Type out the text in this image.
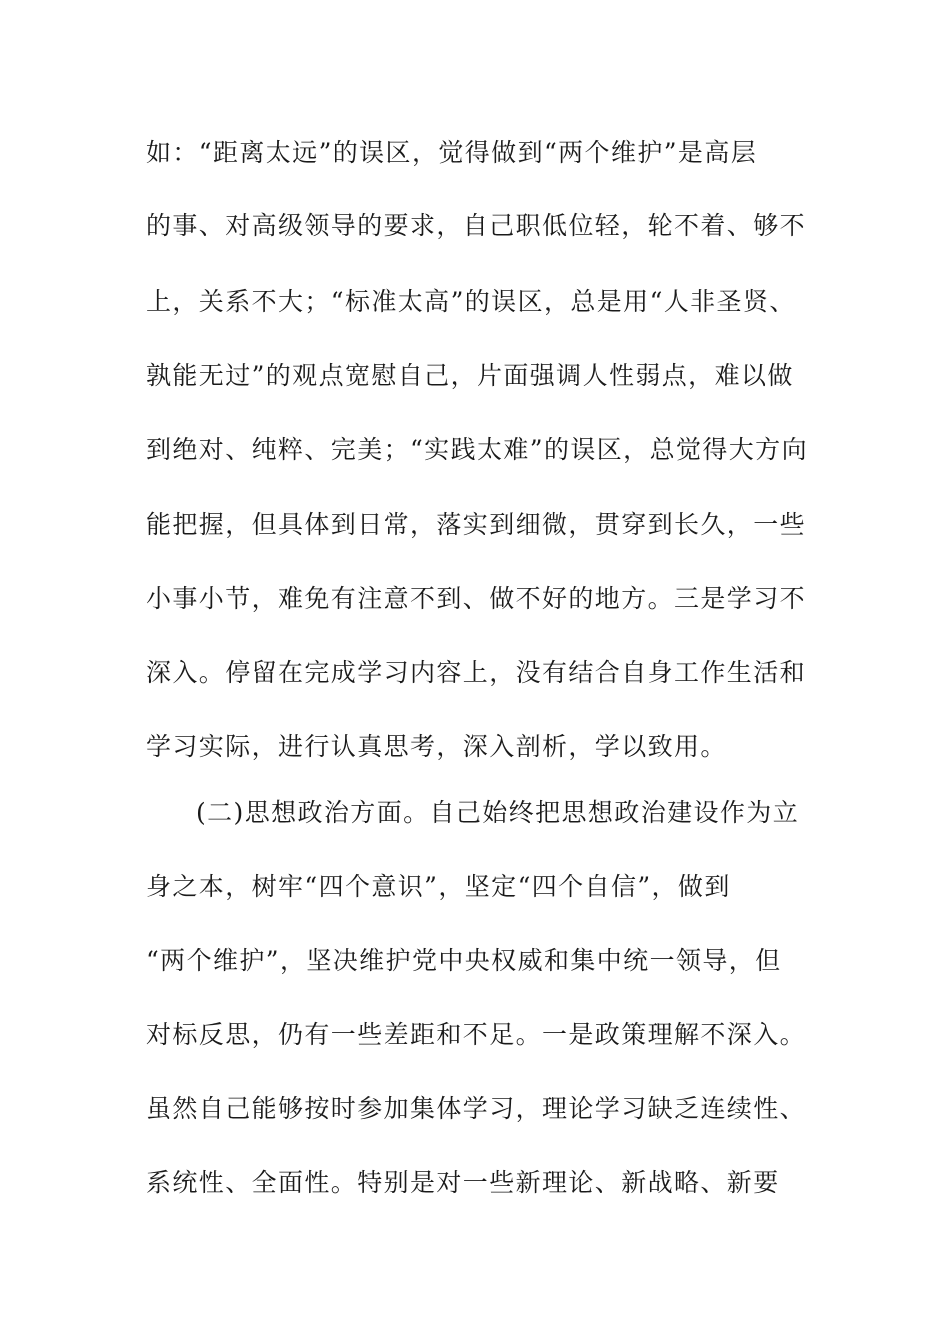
如：“距离太远”的误区，觉得做到“两个维护”是高层
的事、对高级领导的要求，自己职低位轻，轮不着、够不
上，关系不大；“标准太高”的误区，总是用“人非圣贤、
孰能无过”的观点宽慰自己，片面强调人性弱点，难以做
到绝对、纯粹、完美；“实践太难”的误区，总觉得大方向
能把握，但具体到日常，落实到细微，贯穿到长久，一些
小事小节，难免有注意不到、做不好的地方。三是学习不
深入。停留在完成学习内容上，没有结合自身工作生活和
学习实际，进行认真思考，深入剖析，学以致用。
(二)思想政治方面。自己始终把思想政治建设作为立
身之本，树牢“四个意识”，坚定“四个自信”，做到
“两个维护”，坚决维护党中央权威和集中统一领导，但
对标反思，仍有一些差距和不足。一是政策理解不深入。
虽然自己能够按时参加集体学习，理论学习缺乏连续性、
系统性、全面性。特别是对一些新理论、新战略、新要
